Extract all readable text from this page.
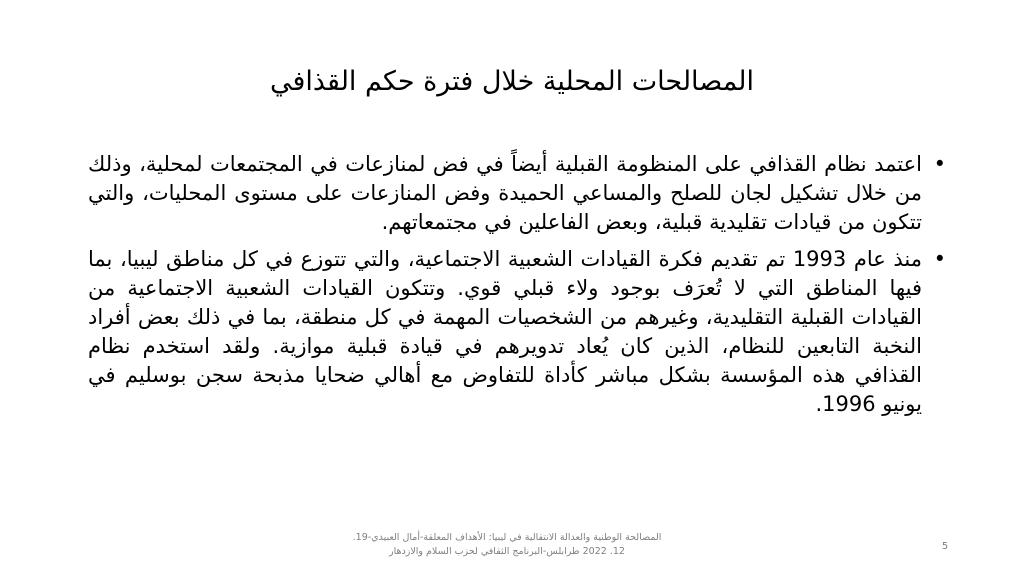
المصالحات المحلية خلال فترة حكم القذافي
•
اعتمد نظام القذافي على المنظومة القبلية أيضاً في فض لمنازعات في المجتمعات لمحلية، وذلك من خلال تشكيل لجان للصلح والمساعي الحميدة وفض المنازعات على مستوى المحليات، والتي تتكون من قيادات تقليدية قبلية، وبعض الفاعلين في مجتمعاتهم.
•
منذ عام 1993 تم تقديم فكرة القيادات الشعبية الاجتماعية، والتي تتوزع في كل مناطق ليبيا، بما فيها المناطق التي لا تُعرَف بوجود ولاء قبلي قوي. وتتكون القيادات الشعبية الاجتماعية من القيادات القبلية التقليدية، وغيرهم من الشخصيات المهمة في كل منطقة، بما في ذلك بعض أفراد النخبة التابعين للنظام، الذين كان يُعاد تدويرهم في قيادة قبلية موازية. ولقد استخدم نظام القذافي هذه المؤسسة بشكل مباشر كأداة للتفاوض مع أهالي ضحايا مذبحة سجن بوسليم في يونيو 1996.
المصالحة الوطنية والعدالة الانتقالية في ليبيا: الأهداف المعلقة-أمال العبيدي-19.
12. 2022 طرابلس-البرنامج الثقافي لحزب السلام والازدهار	5
